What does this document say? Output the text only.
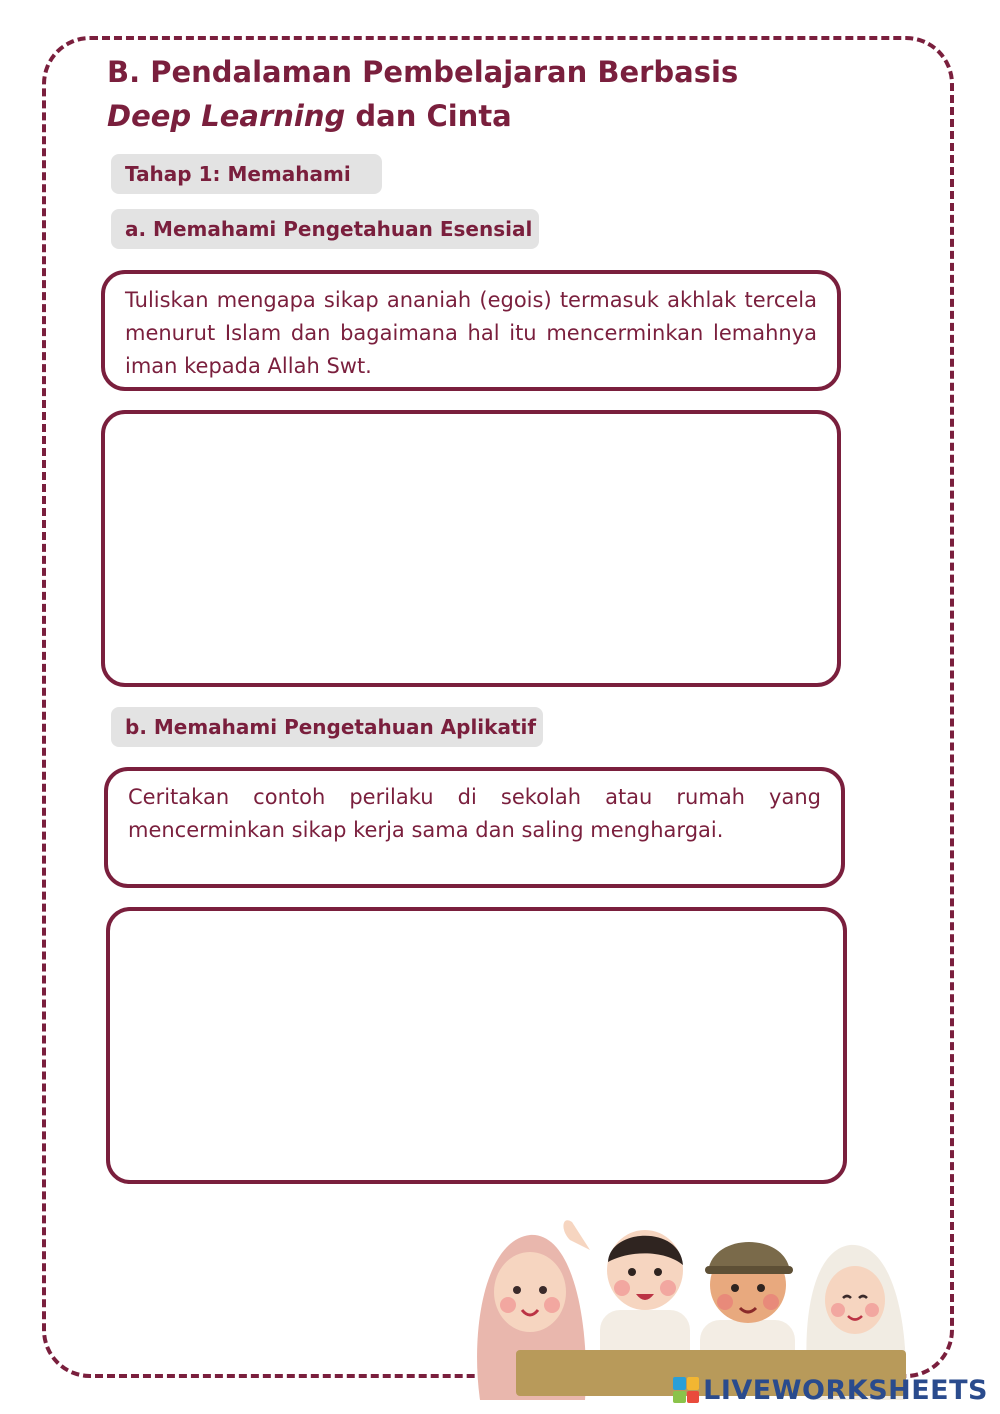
B. Pendalaman Pembelajaran Berbasis
Deep Learning dan Cinta
Tahap 1: Memahami
a. Memahami Pengetahuan Esensial

Tuliskan mengapa sikap ananiah (egois) termasuk akhlak tercela menurut Islam dan bagaimana hal itu mencerminkan lemahnya iman kepada Allah Swt.

b. Memahami Pengetahuan Aplikatif

Ceritakan contoh perilaku di sekolah atau rumah yang mencerminkan sikap kerja sama dan saling menghargai.

LIVEWORKSHEETS
